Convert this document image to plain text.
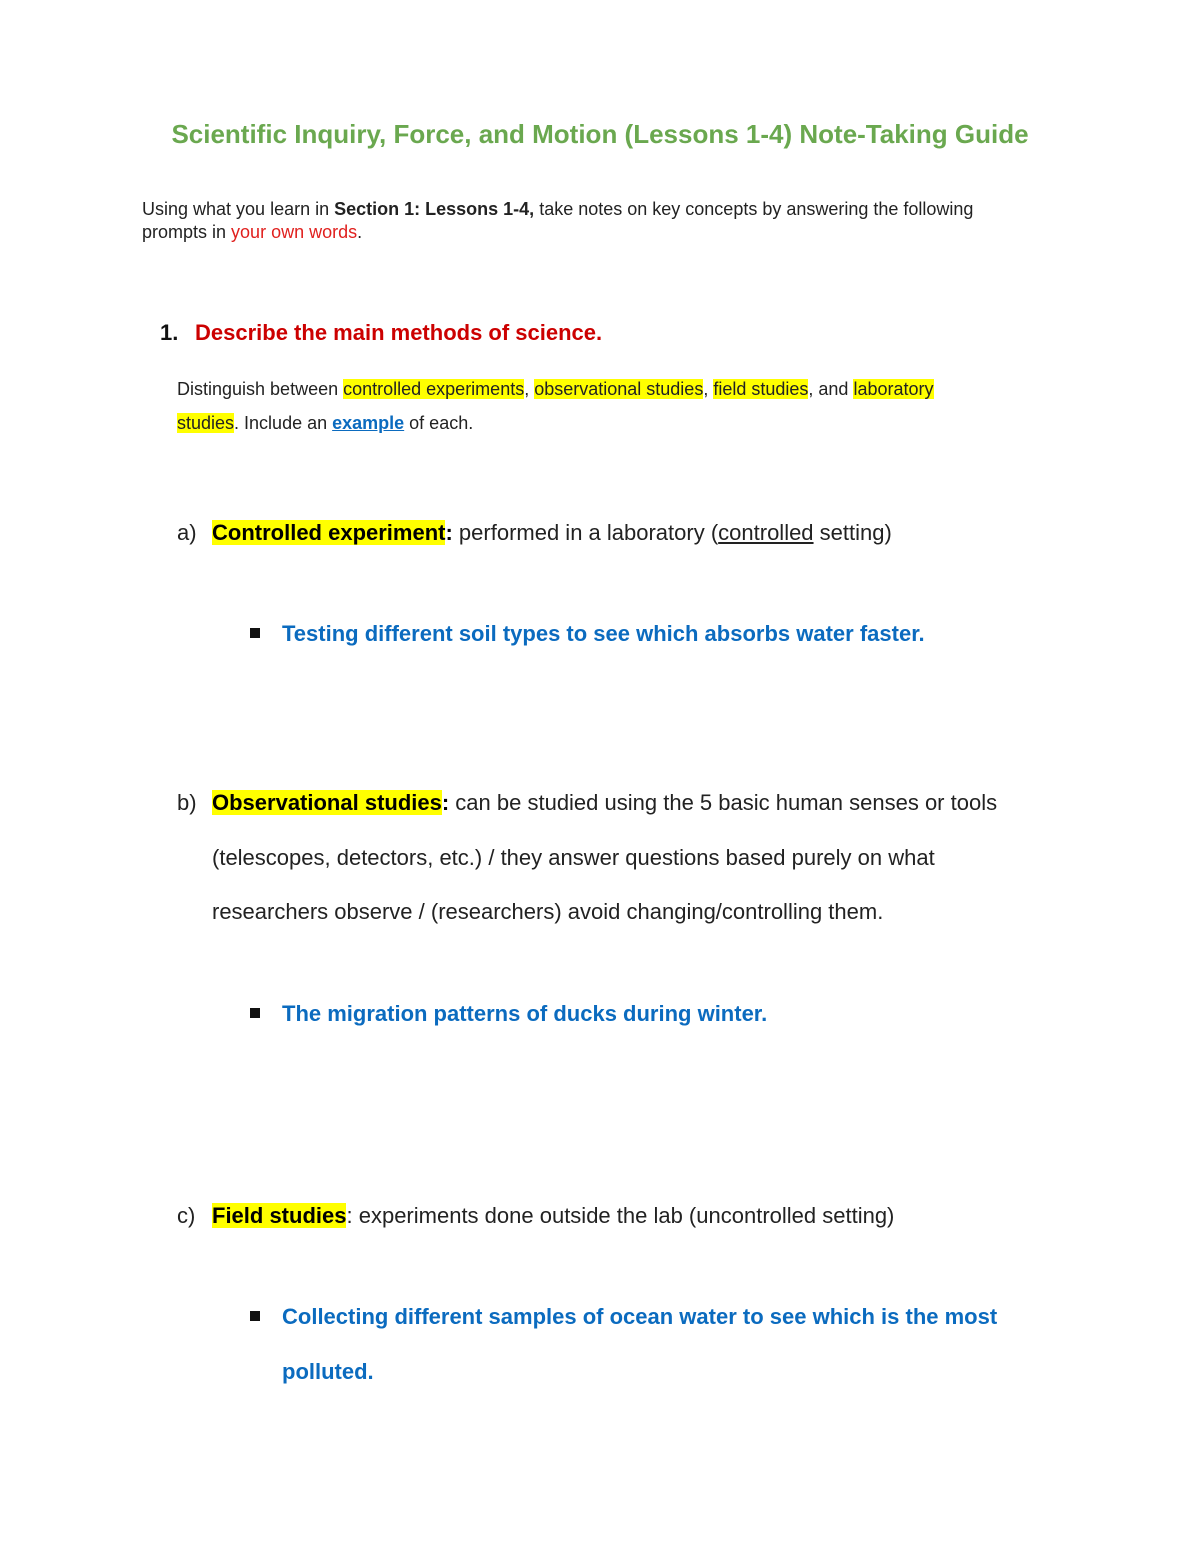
Scientific Inquiry, Force, and Motion (Lessons 1-4) Note-Taking Guide
Using what you learn in Section 1: Lessons 1-4, take notes on key concepts by answering the following
prompts in your own words.
1. Describe the main methods of science.
Distinguish between controlled experiments, observational studies, field studies, and laboratory
studies. Include an example of each.
a) Controlled experiment: performed in a laboratory (controlled setting)
Testing different soil types to see which absorbs water faster.
b) Observational studies: can be studied using the 5 basic human senses or tools
(telescopes, detectors, etc.) / they answer questions based purely on what
researchers observe / (researchers) avoid changing/controlling them.
The migration patterns of ducks during winter.
c) Field studies: experiments done outside the lab (uncontrolled setting)
Collecting different samples of ocean water to see which is the most
polluted.
